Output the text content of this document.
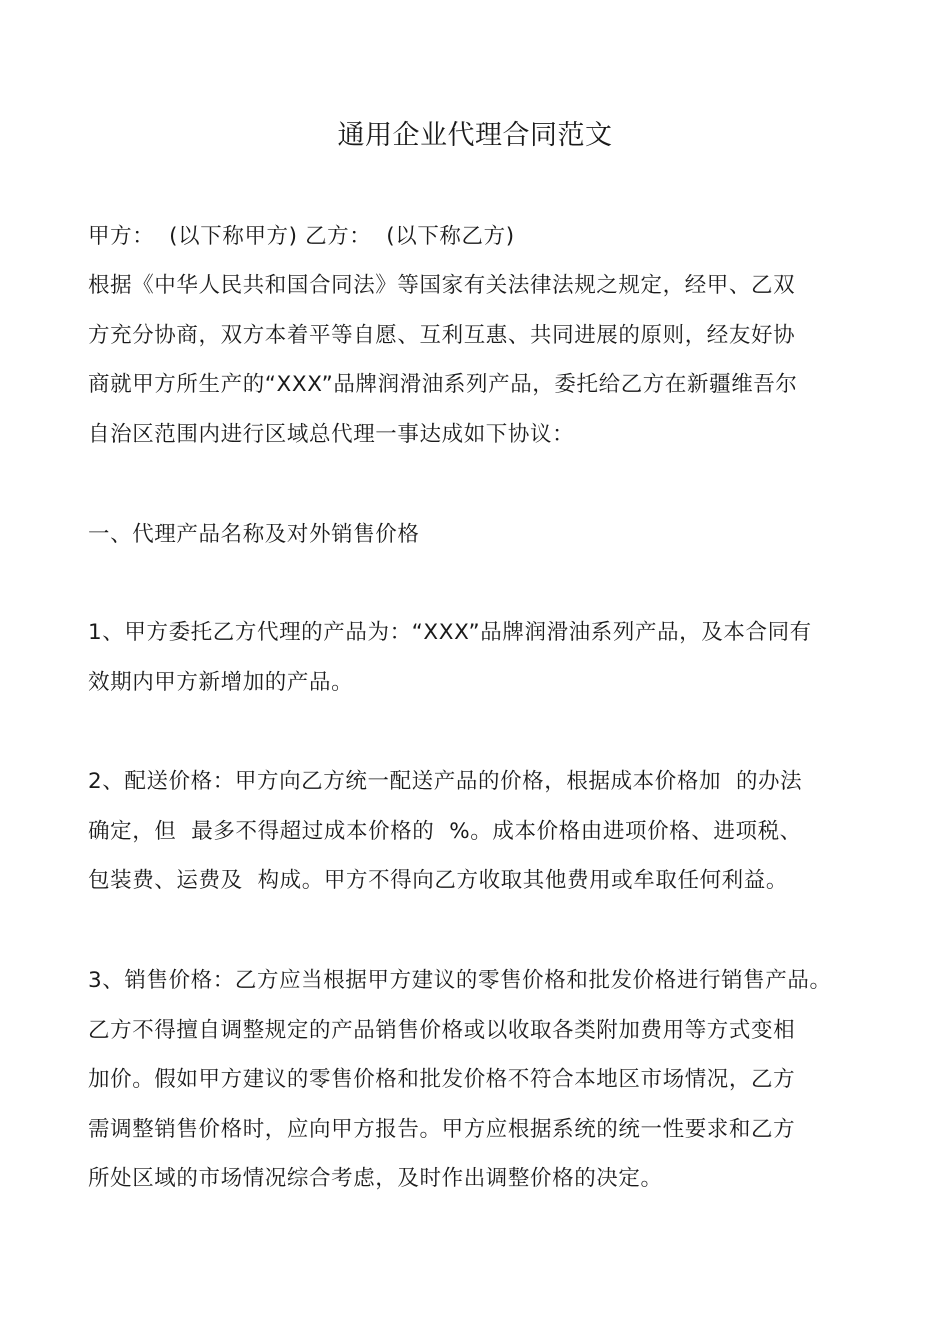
通用企业代理合同范文

甲方：  (以下称甲方) 乙方：  (以下称乙方)

根据《中华人民共和国合同法》等国家有关法律法规之规定，经甲、乙双
方充分协商，双方本着平等自愿、互利互惠、共同进展的原则，经友好协
商就甲方所生产的“XXX”品牌润滑油系列产品，委托给乙方在新疆维吾尔
自治区范围内进行区域总代理一事达成如下协议：

一、代理产品名称及对外销售价格

1、甲方委托乙方代理的产品为：“XXX”品牌润滑油系列产品，及本合同有
效期内甲方新增加的产品。

2、配送价格：甲方向乙方统一配送产品的价格，根据成本价格加  的办法
确定，但  最多不得超过成本价格的  %。成本价格由进项价格、进项税、
包装费、运费及  构成。甲方不得向乙方收取其他费用或牟取任何利益。

3、销售价格：乙方应当根据甲方建议的零售价格和批发价格进行销售产品。
乙方不得擅自调整规定的产品销售价格或以收取各类附加费用等方式变相
加价。假如甲方建议的零售价格和批发价格不符合本地区市场情况，乙方
需调整销售价格时，应向甲方报告。甲方应根据系统的统一性要求和乙方
所处区域的市场情况综合考虑，及时作出调整价格的决定。
